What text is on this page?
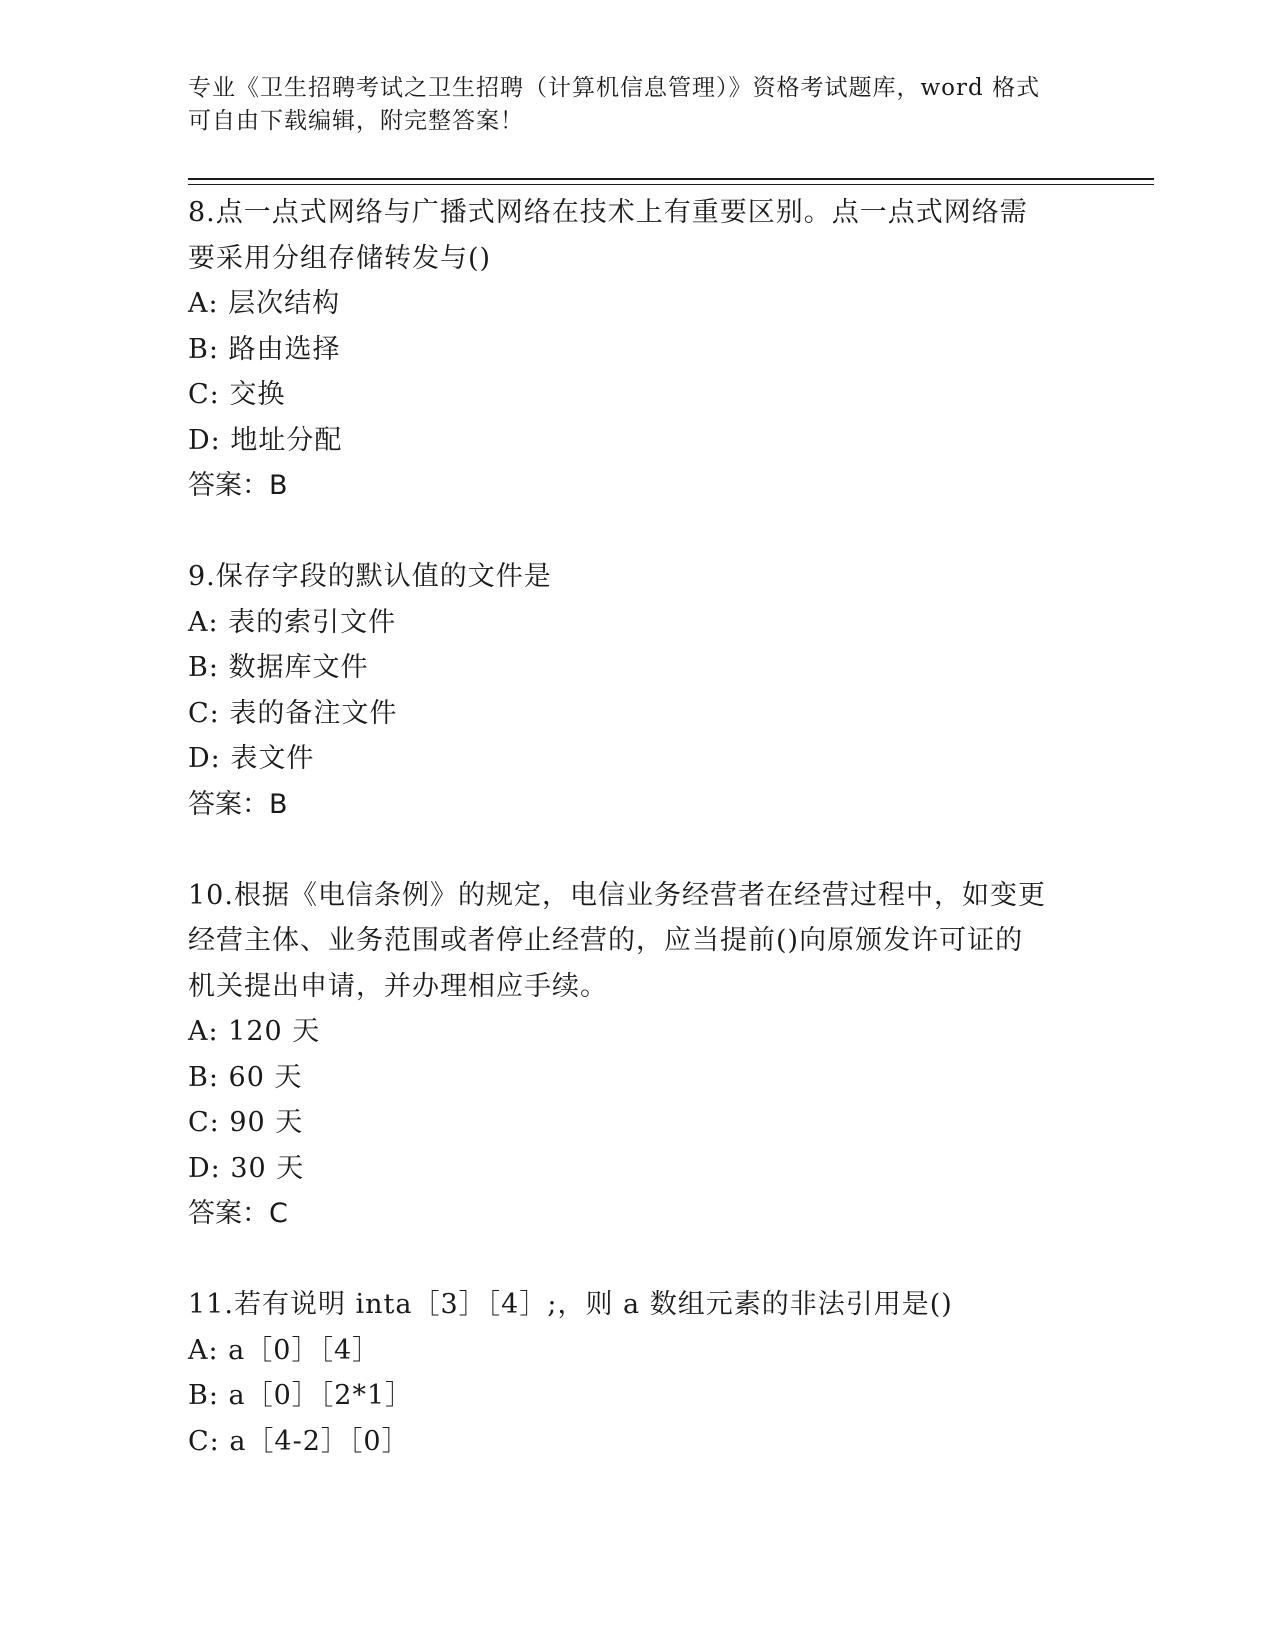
专业《卫生招聘考试之卫生招聘（计算机信息管理）》资格考试题库，word 格式
可自由下载编辑，附完整答案！
8.点一点式网络与广播式网络在技术上有重要区别。点一点式网络需
要采用分组存储转发与()
A: 层次结构
B: 路由选择
C: 交换
D: 地址分配
答案：B
9.保存字段的默认值的文件是
A: 表的索引文件
B: 数据库文件
C: 表的备注文件
D: 表文件
答案：B
10.根据《电信条例》的规定，电信业务经营者在经营过程中，如变更
经营主体、业务范围或者停止经营的，应当提前()向原颁发许可证的
机关提出申请，并办理相应手续。
A: 120 天
B: 60 天
C: 90 天
D: 30 天
答案：C
11.若有说明 inta［3］［4］;，则 a 数组元素的非法引用是()
A: a［0］［4］
B: a［0］［2*1］
C: a［4-2］［0］
